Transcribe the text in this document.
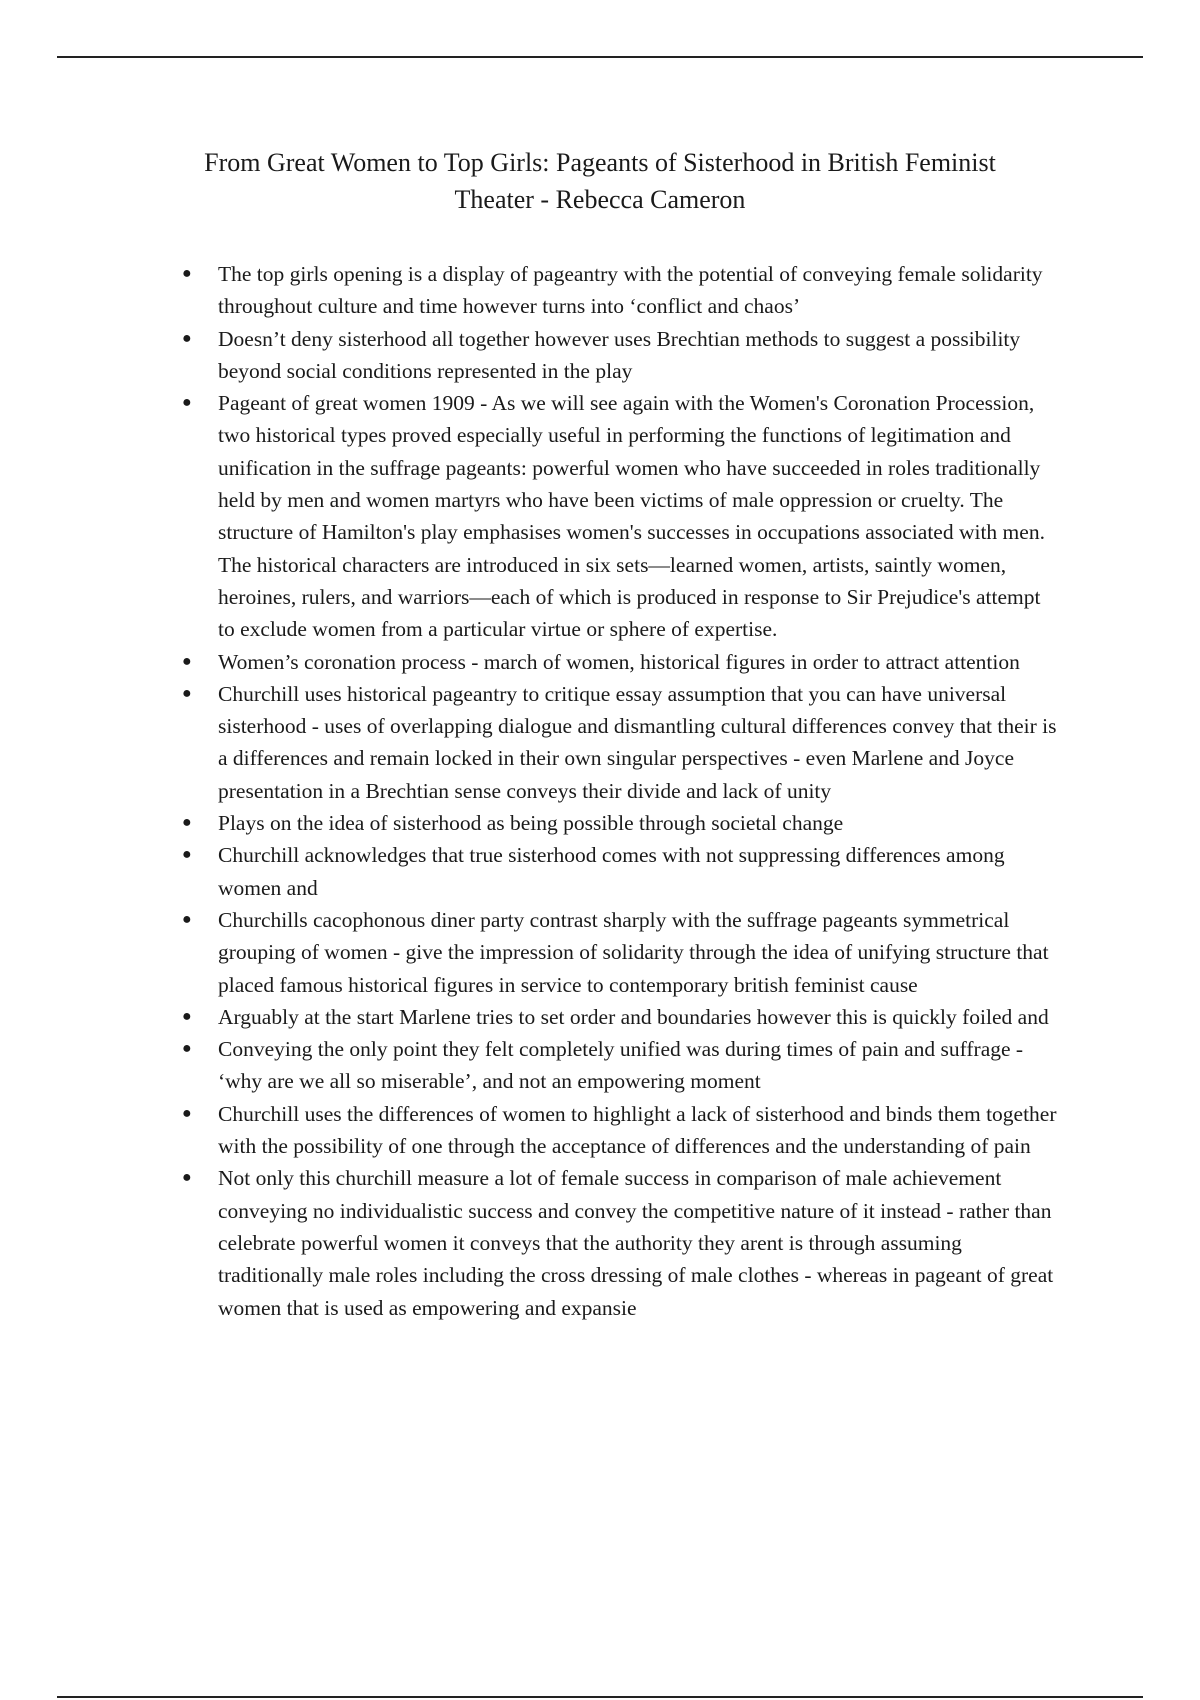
From Great Women to Top Girls: Pageants of Sisterhood in British Feminist
Theater - Rebecca Cameron
● The top girls opening is a display of pageantry with the potential of conveying female solidarity throughout culture and time however turns into ‘conflict and chaos’
● Doesn’t deny sisterhood all together however uses Brechtian methods to suggest a possibility beyond social conditions represented in the play
● Pageant of great women 1909 - As we will see again with the Women's Coronation Procession, two historical types proved especially useful in performing the functions of legitimation and unification in the suffrage pageants: powerful women who have succeeded in roles traditionally held by men and women martyrs who have been victims of male oppression or cruelty. The structure of Hamilton's play emphasises women's successes in occupations associated with men. The historical characters are introduced in six sets—learned women, artists, saintly women, heroines, rulers, and warriors—each of which is produced in response to Sir Prejudice's attempt to exclude women from a particular virtue or sphere of expertise.
● Women’s coronation process - march of women, historical figures in order to attract attention
● Churchill uses historical pageantry to critique essay assumption that you can have universal sisterhood - uses of overlapping dialogue and dismantling cultural differences convey that their is a differences and remain locked in their own singular perspectives - even Marlene and Joyce presentation in a Brechtian sense conveys their divide and lack of unity
● Plays on the idea of sisterhood as being possible through societal change
● Churchill acknowledges that true sisterhood comes with not suppressing differences among women and
● Churchills cacophonous diner party contrast sharply with the suffrage pageants symmetrical grouping of women - give the impression of solidarity through the idea of unifying structure that placed famous historical figures in service to contemporary british feminist cause
● Arguably at the start Marlene tries to set order and boundaries however this is quickly foiled and
● Conveying the only point they felt completely unified was during times of pain and suffrage - ‘why are we all so miserable’, and not an empowering moment
● Churchill uses the differences of women to highlight a lack of sisterhood and binds them together with the possibility of one through the acceptance of differences and the understanding of pain
● Not only this churchill measure a lot of female success in comparison of male achievement conveying no individualistic success and convey the competitive nature of it instead - rather than celebrate powerful women it conveys that the authority they arent is through assuming traditionally male roles including the cross dressing of male clothes - whereas in pageant of great women that is used as empowering and expansie
